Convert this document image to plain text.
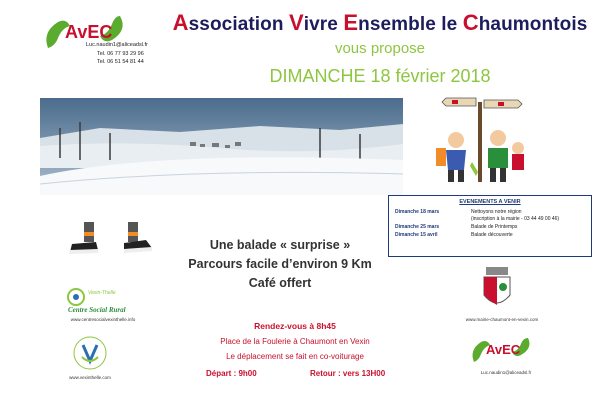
AvEC
Luc.naudin1@aliceadsl.fr
Tel. 06 77 93 29 96
Tel. 06 51 54 81 44
Association Vivre Ensemble le Chaumontois
vous propose
DIMANCHE 18 février 2018
EVENEMENTS A VENIR
Dimanche 18 mars	Nettoyons notre région
(inscription à la mairie - 03 44 49 00 46)
Dimanche 25 mars	Balade de Printemps
Dimanche 15 avril	Balade découverte
Une balade « surprise »
Parcours facile d’environ 9 Km
Café offert
Rendez-vous à 8h45
Place de la Foulerie à Chaumont en Vexin
Le déplacement se fait en co-voiturage
Départ : 9h00	Retour : vers 13H00
Vexin-Thelle
Centre Social Rural
www.centresocialvexinthelle.info
www.vexinthelle.com
www.mairie-chaumont-en-vexin.com
AvEC
Luc.naudin1@aliceadsl.fr
